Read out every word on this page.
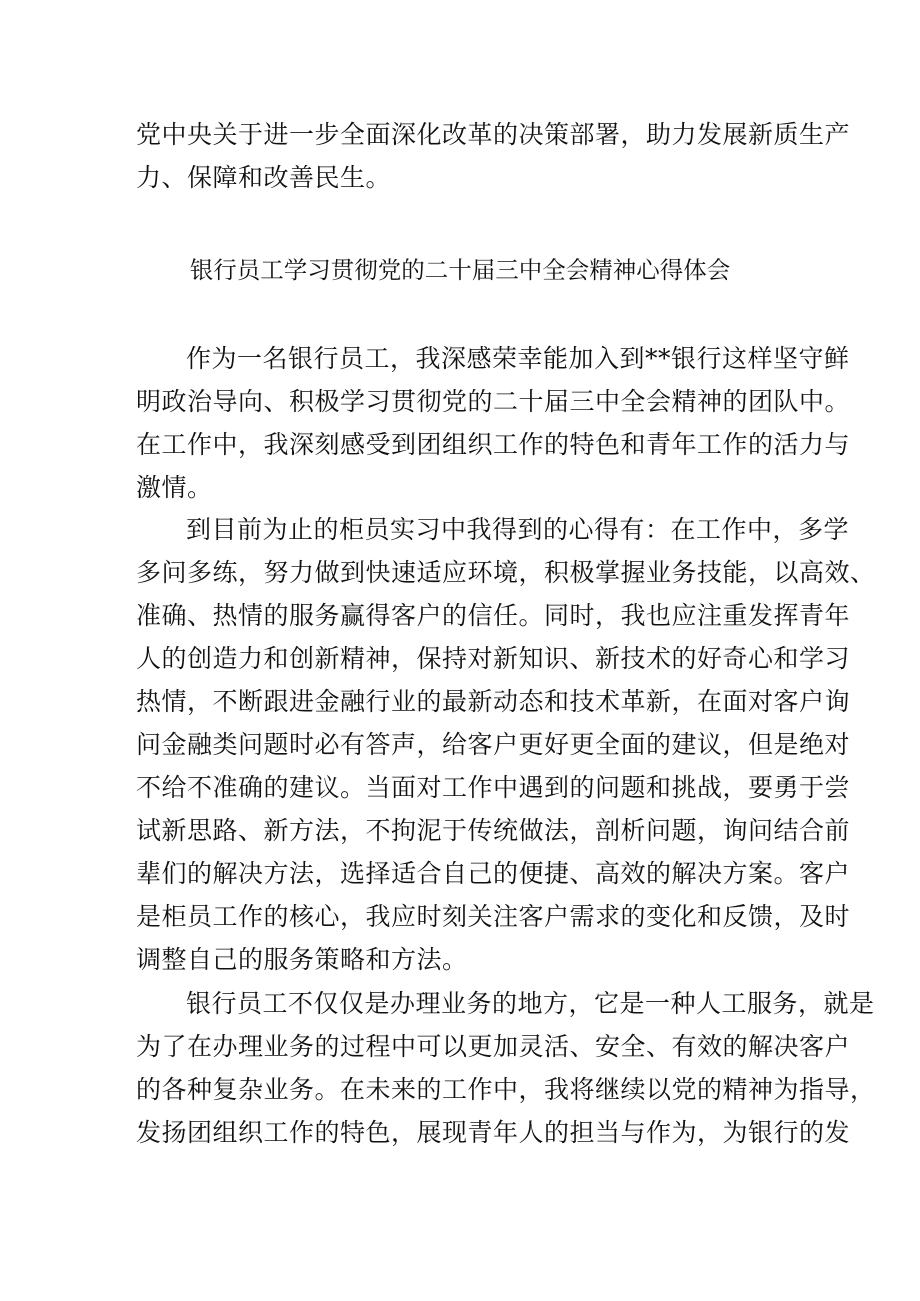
党中央关于进一步全面深化改革的决策部署，助力发展新质生产
力、保障和改善民生。
银行员工学习贯彻党的二十届三中全会精神心得体会
作为一名银行员工，我深感荣幸能加入到**银行这样坚守鲜
明政治导向、积极学习贯彻党的二十届三中全会精神的团队中。
在工作中，我深刻感受到团组织工作的特色和青年工作的活力与
激情。
到目前为止的柜员实习中我得到的心得有：在工作中，多学
多问多练，努力做到快速适应环境，积极掌握业务技能，以高效、
准确、热情的服务赢得客户的信任。同时，我也应注重发挥青年
人的创造力和创新精神，保持对新知识、新技术的好奇心和学习
热情，不断跟进金融行业的最新动态和技术革新，在面对客户询
问金融类问题时必有答声，给客户更好更全面的建议，但是绝对
不给不准确的建议。当面对工作中遇到的问题和挑战，要勇于尝
试新思路、新方法，不拘泥于传统做法，剖析问题，询问结合前
辈们的解决方法，选择适合自己的便捷、高效的解决方案。客户
是柜员工作的核心，我应时刻关注客户需求的变化和反馈，及时
调整自己的服务策略和方法。
银行员工不仅仅是办理业务的地方，它是一种人工服务，就是
为了在办理业务的过程中可以更加灵活、安全、有效的解决客户
的各种复杂业务。在未来的工作中，我将继续以党的精神为指导，
发扬团组织工作的特色，展现青年人的担当与作为，为银行的发
